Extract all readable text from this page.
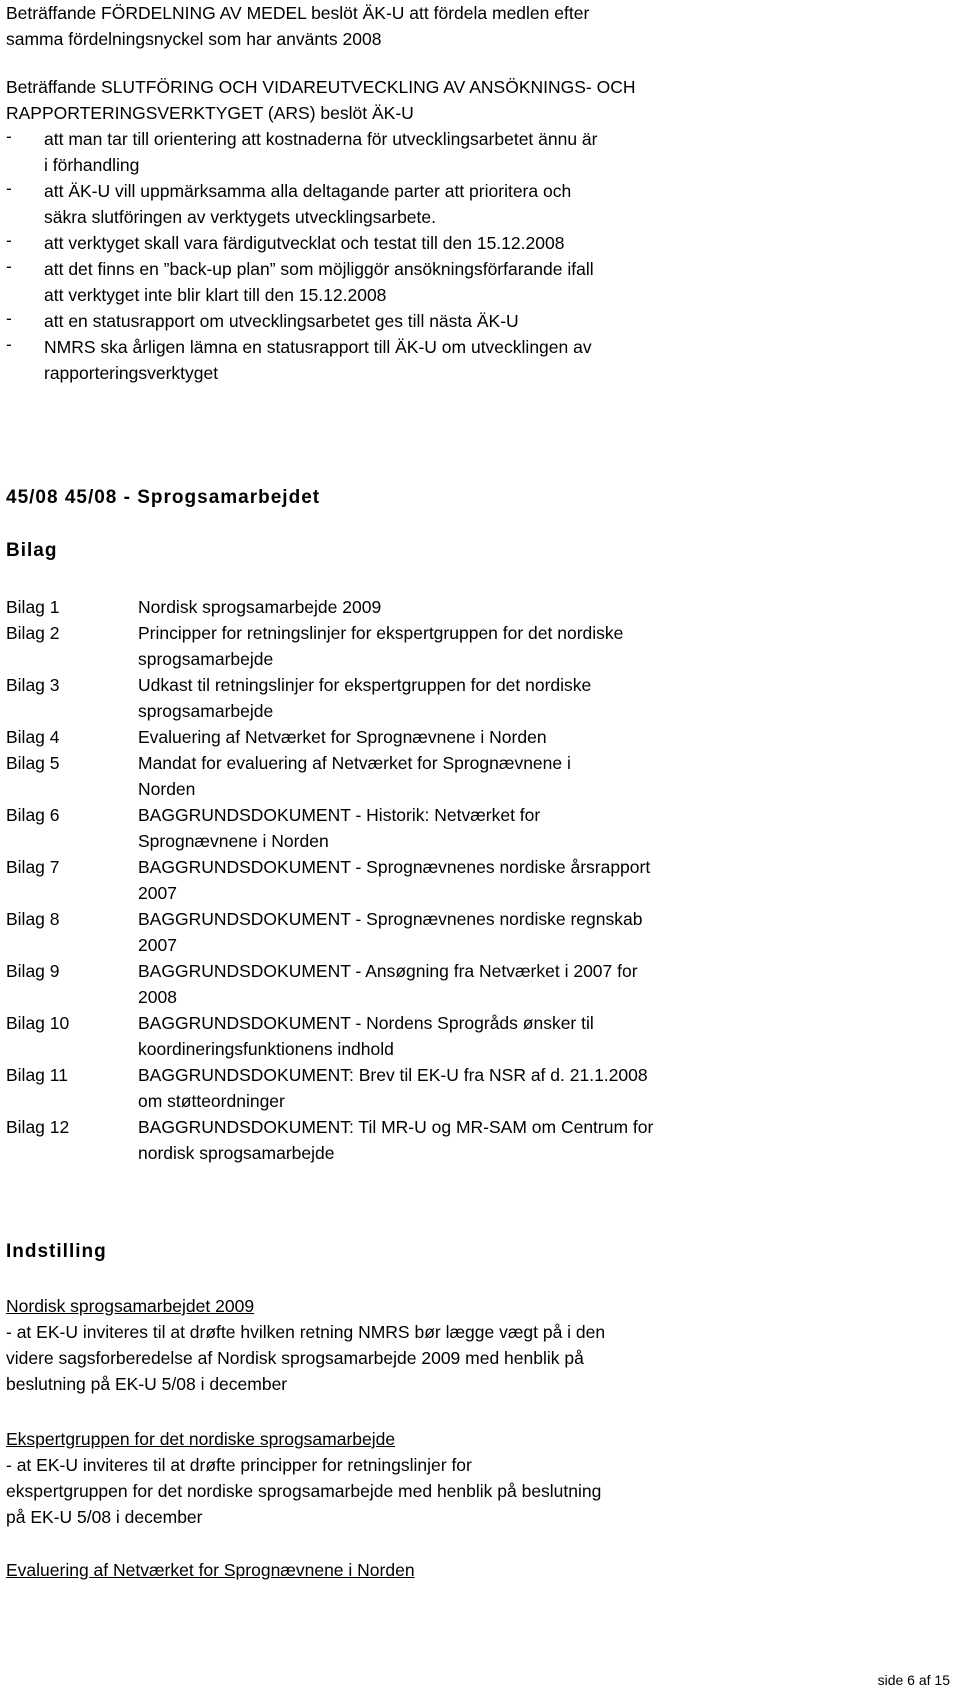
Beträffande FÖRDELNING AV MEDEL beslöt ÄK-U att fördela medlen efter

samma fördelningsnyckel som har använts 2008

Beträffande SLUTFÖRING OCH VIDAREUTVECKLING AV ANSÖKNINGS- OCH

RAPPORTERINGSVERKTYGET (ARS) beslöt ÄK-U

-	att man tar till orientering att kostnaderna för utvecklingsarbetet ännu är

i förhandling

-	att ÄK-U vill uppmärksamma alla deltagande parter att prioritera och

säkra slutföringen av verktygets utvecklingsarbete.

-	att verktyget skall vara färdigutvecklat och testat till den 15.12.2008

-	att det finns en ”back-up plan” som möjliggör ansökningsförfarande ifall

att verktyget inte blir klart till den 15.12.2008

-	att en statusrapport om utvecklingsarbetet ges till nästa ÄK-U

-	NMRS ska årligen lämna en statusrapport till ÄK-U om utvecklingen av

rapporteringsverktyget

45/08 45/08 - Sprogsamarbejdet
Bilag
Bilag 1	Nordisk sprogsamarbejde 2009

Bilag 2	Principper for retningslinjer for ekspertgruppen for det nordiske

sprogsamarbejde

Bilag 3	Udkast til retningslinjer for ekspertgruppen for det nordiske

sprogsamarbejde

Bilag 4	Evaluering af Netværket for Sprognævnene i Norden

Bilag 5	Mandat for evaluering af Netværket for Sprognævnene i

Norden

Bilag 6	BAGGRUNDSDOKUMENT - Historik: Netværket for

Sprognævnene i Norden

Bilag 7	BAGGRUNDSDOKUMENT - Sprognævnenes nordiske årsrapport

2007

Bilag 8	BAGGRUNDSDOKUMENT - Sprognævnenes nordiske regnskab

2007

Bilag 9	BAGGRUNDSDOKUMENT - Ansøgning fra Netværket i 2007 for

2008

Bilag 10	BAGGRUNDSDOKUMENT - Nordens Sprogråds ønsker til

koordineringsfunktionens indhold

Bilag 11	BAGGRUNDSDOKUMENT: Brev til EK-U fra NSR af d. 21.1.2008

om støtteordninger

Bilag 12	BAGGRUNDSDOKUMENT: Til MR-U og MR-SAM om Centrum for

nordisk sprogsamarbejde

Indstilling

Nordisk sprogsamarbejdet 2009

- at EK-U inviteres til at drøfte hvilken retning NMRS bør lægge vægt på i den

videre sagsforberedelse af Nordisk sprogsamarbejde 2009 med henblik på

beslutning på EK-U 5/08 i december

Ekspertgruppen for det nordiske sprogsamarbejde

- at EK-U inviteres til at drøfte principper for retningslinjer for

ekspertgruppen for det nordiske sprogsamarbejde med henblik på beslutning

på EK-U 5/08 i december

Evaluering af Netværket for Sprognævnene i Norden

side 6 af 15
